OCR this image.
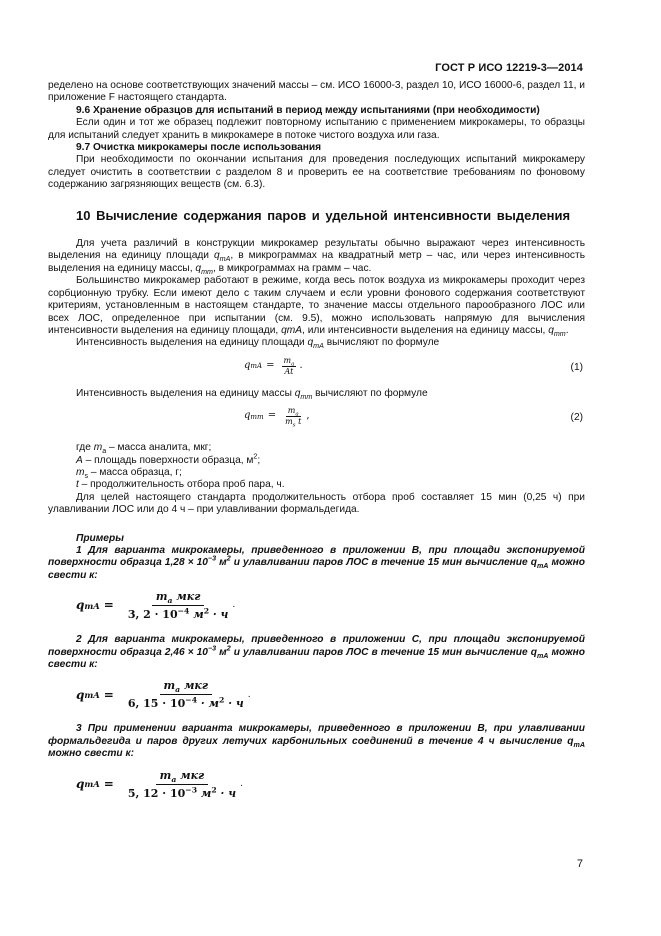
ГОСТ Р ИСО 12219-3—2014

ределено на основе соответствующих значений массы – см. ИСО 16000-3, раздел 10, ИСО 16000-6, раздел 11, и приложение F настоящего стандарта.

9.6 Хранение образцов для испытаний в период между испытаниями (при необходимости)

Если один и тот же образец подлежит повторному испытанию с применением микрокамеры, то образцы для испытаний следует хранить в микрокамере в потоке чистого воздуха или газа.

9.7 Очистка микрокамеры после использования

При необходимости по окончании испытания для проведения последующих испытаний микрокамеру следует очистить в соответствии с разделом 8 и проверить ее на соответствие требованиям по фоновому содержанию загрязняющих веществ (см. 6.3).

10 Вычисление содержания паров и удельной интенсивности выделения

Для учета различий в конструкции микрокамер результаты обычно выражают через интенсивность выделения на единицу площади $q_{mA}$, в микрограммах на квадратный метр – час, или через интенсивность выделения на единицу массы, $q_{mm}$, в микрограммах на грамм – час.

Большинство микрокамер работают в режиме, когда весь поток воздуха из микрокамеры проходит через сорбционную трубку. Если имеют дело с таким случаем и если уровни фонового содержания соответствуют критериям, установленным в настоящем стандарте, то значение массы отдельного парообразного ЛОС или всех ЛОС, определенное при испытании (см. 9.5), можно использовать напрямую для вычисления интенсивности выделения на единицу площади, qmA, или интенсивности выделения на единицу массы, $q_{mm}$.

Интенсивность выделения на единицу площади $q_{mA}$ вычисляют по формуле

q mA = $\frac{m_a}{At}$ .	(1)

Интенсивность выделения на единицу массы $q_{mm}$ вычисляют по формуле

q mm = $\frac{m_a}{m_s t}$ ,	(2)

где $m_a$ – масса аналита, мкг;

A – площадь поверхности образца, $м^2$;

$m_s$ – масса образца, г;

t – продолжительность отбора проб пара, ч.

Для целей настоящего стандарта продолжительность отбора проб составляет 15 мин (0,25 ч) при улавливании ЛОС или до 4 ч – при улавливании формальдегида.

Примеры

1 Для варианта микрокамеры, приведенного в приложении B, при площади экспонируемой поверхности образца $1,28 \times 10^{-3}$ $м^2$ и улавливании паров ЛОС в течение 15 мин вычисление $q_{mA}$ можно свести к:

q mA = $\frac{m_a мкг}{3, 2 \cdot 10^{-4} м^2 \cdot ч}$ .

2 Для варианта микрокамеры, приведенного в приложении C, при площади экспонируемой поверхности образца $2,46 \times 10^{-3}$ $м^2$ и улавливании паров ЛОС в течение 15 мин вычисление $q_{mA}$ можно свести к:

q mA = $\frac{m_a мкг}{6, 15 \cdot 10^{-4} \cdot м^2 \cdot ч}$ .

3 При применении варианта микрокамеры, приведенного в приложении B, при улавливании формальдегида и паров других летучих карбонильных соединений в течение 4 ч вычисление $q_{mA}$ можно свести к:

q mA = $\frac{m_a мкг}{5, 12 \cdot 10^{-3} м^2 \cdot ч}$ .
7
